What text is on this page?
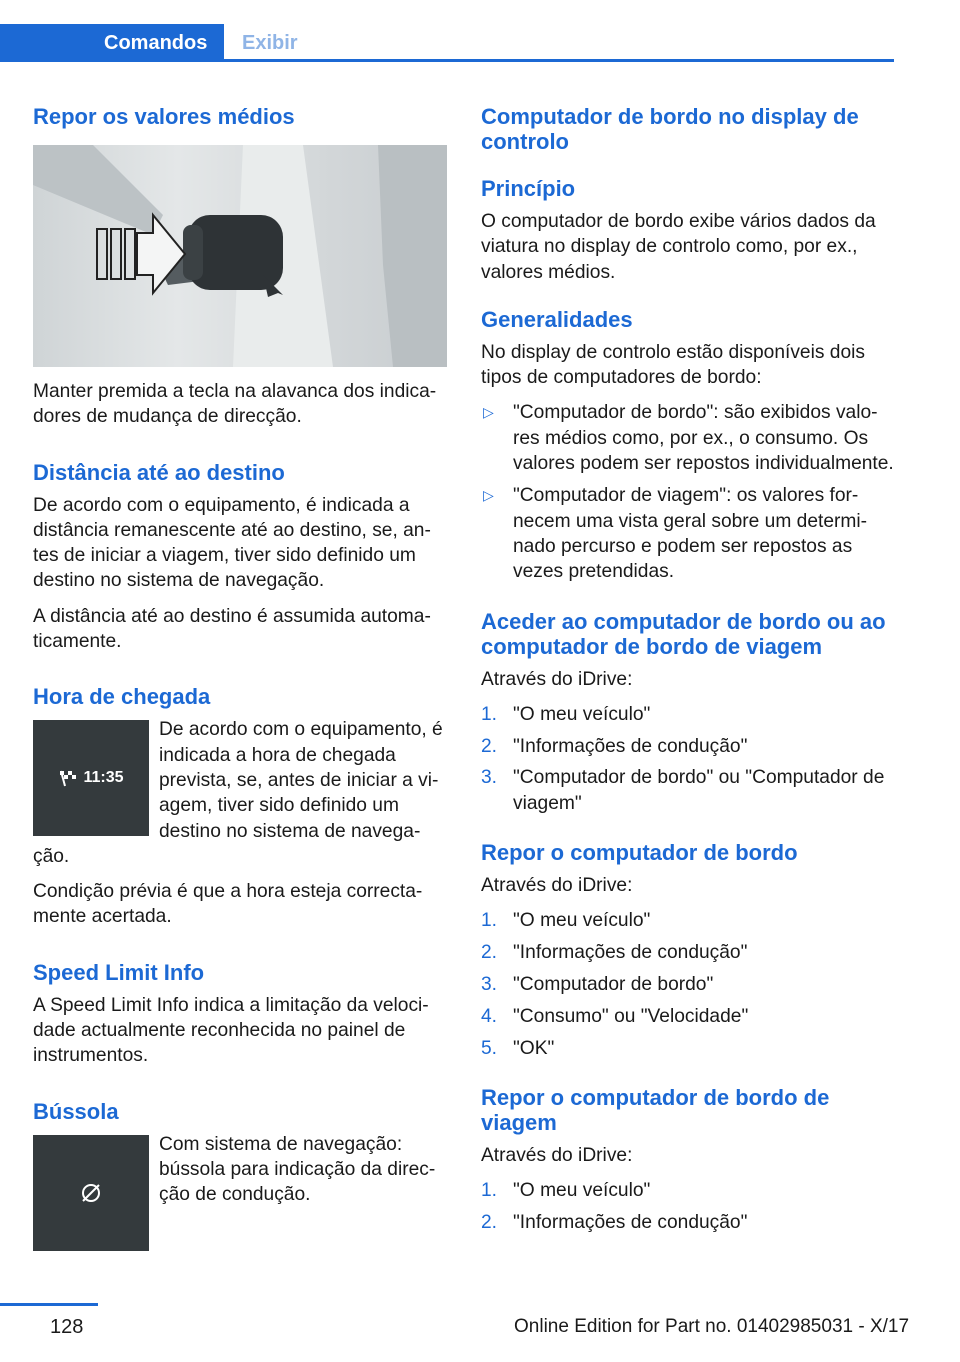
Comandos	Exibir
Repor os valores médios

Manter premida a tecla na alavanca dos indicadores de mudança de direcção.

Distância até ao destino

De acordo com o equipamento, é indicada a distância remanescente até ao destino, se, antes de iniciar a viagem, tiver sido definido um destino no sistema de navegação.

A distância até ao destino é assumida automaticamente.

Hora de chegada
11:35

De acordo com o equipamento, é indicada a hora de chegada prevista, se, antes de iniciar a viagem, tiver sido definido um destino no sistema de navegação.

Condição prévia é que a hora esteja correctamente acertada.

Speed Limit Info

A Speed Limit Info indica a limitação da velocidade actualmente reconhecida no painel de instrumentos.

Bússola

Com sistema de navegação: bússola para indicação da direcção de condução.

Computador de bordo no display de controlo
Princípio

O computador de bordo exibe vários dados da viatura no display de controlo como, por ex., valores médios.

Generalidades

No display de controlo estão disponíveis dois tipos de computadores de bordo:

▷ "Computador de bordo": são exibidos valores médios como, por ex., o consumo. Os valores podem ser repostos individualmente.
▷ "Computador de viagem": os valores fornecem uma vista geral sobre um determinado percurso e podem ser repostos as vezes pretendidas.
Aceder ao computador de bordo ou ao computador de bordo de viagem

Através do iDrive:

1. "O meu veículo"
2. "Informações de condução"
3. "Computador de bordo" ou "Computador de viagem"
Repor o computador de bordo

Através do iDrive:

1. "O meu veículo"
2. "Informações de condução"
3. "Computador de bordo"
4. "Consumo" ou "Velocidade"
5. "OK"
Repor o computador de bordo de viagem

Através do iDrive:

1. "O meu veículo"
2. "Informações de condução"
128	Online Edition for Part no. 01402985031 - X/17
